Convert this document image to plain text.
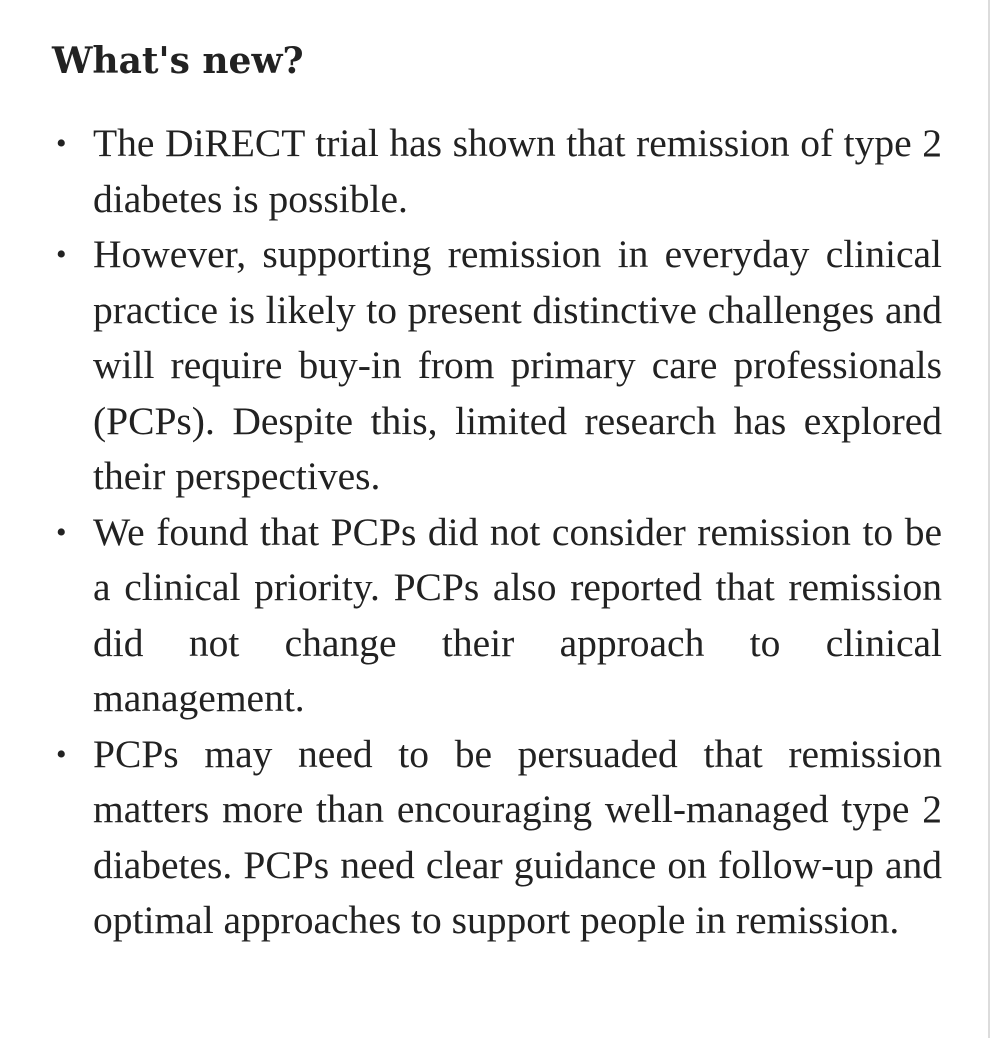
What's new?
• The DiRECT trial has shown that remission of type 2 diabetes is possible.
• However, supporting remission in everyday clinical practice is likely to present distinctive challenges and will require buy-in from primary care professionals (PCPs). Despite this, limited research has explored their perspectives.
• We found that PCPs did not consider remission to be a clinical priority. PCPs also reported that remission did not change their approach to clinical management.
• PCPs may need to be persuaded that remission matters more than encouraging well-managed type 2 diabetes. PCPs need clear guidance on follow-up and optimal approaches to support people in remission.
